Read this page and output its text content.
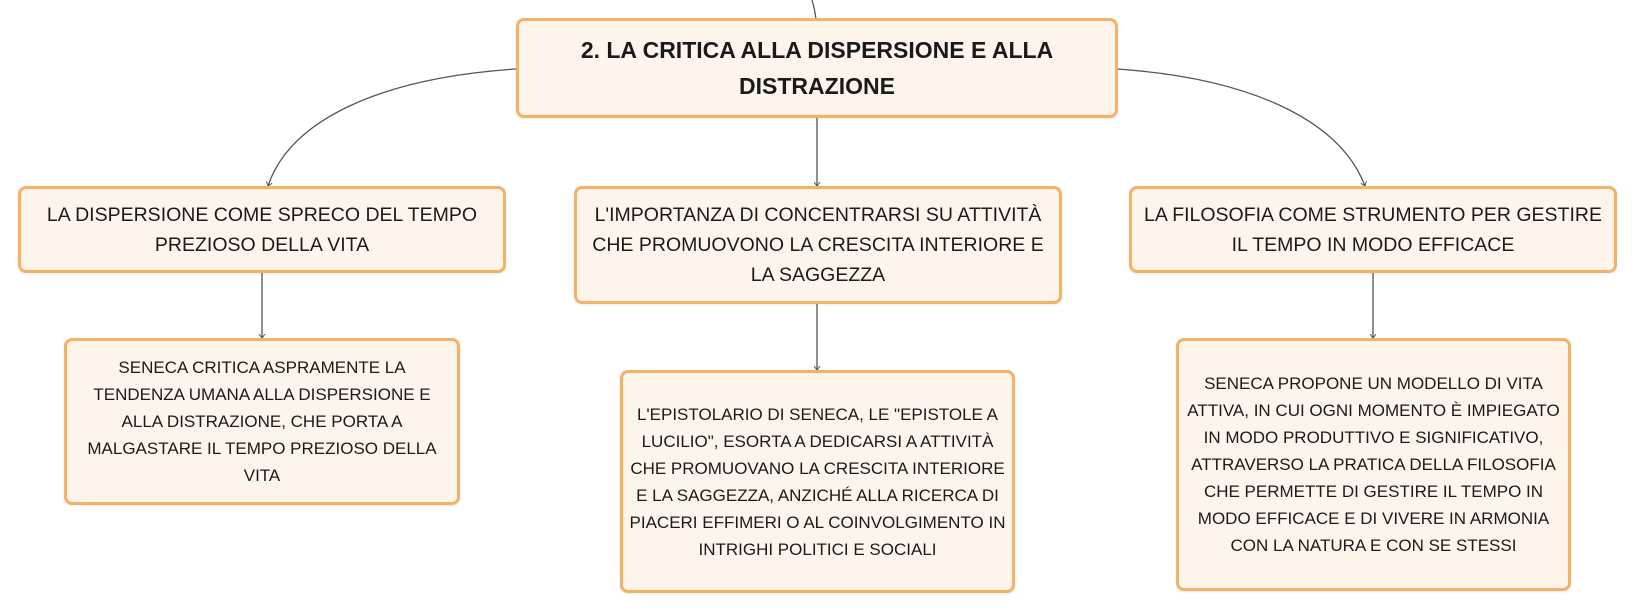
2. LA CRITICA ALLA DISPERSIONE E ALLA DISTRAZIONE
LA DISPERSIONE COME SPRECO DEL TEMPO PREZIOSO DELLA VITA
L'IMPORTANZA DI CONCENTRARSI SU ATTIVITÀ CHE PROMUOVONO LA CRESCITA INTERIORE E LA SAGGEZZA
LA FILOSOFIA COME STRUMENTO PER GESTIRE IL TEMPO IN MODO EFFICACE
SENECA CRITICA ASPRAMENTE LA TENDENZA UMANA ALLA DISPERSIONE E ALLA DISTRAZIONE, CHE PORTA A MALGASTARE IL TEMPO PREZIOSO DELLA VITA
L'EPISTOLARIO DI SENECA, LE "EPISTOLE A LUCILIO", ESORTA A DEDICARSI A ATTIVITÀ CHE PROMUOVANO LA CRESCITA INTERIORE E LA SAGGEZZA, ANZICHÉ ALLA RICERCA DI PIACERI EFFIMERI O AL COINVOLGIMENTO IN INTRIGHI POLITICI E SOCIALI
SENECA PROPONE UN MODELLO DI VITA ATTIVA, IN CUI OGNI MOMENTO È IMPIEGATO IN MODO PRODUTTIVO E SIGNIFICATIVO, ATTRAVERSO LA PRATICA DELLA FILOSOFIA CHE PERMETTE DI GESTIRE IL TEMPO IN MODO EFFICACE E DI VIVERE IN ARMONIA CON LA NATURA E CON SE STESSI
